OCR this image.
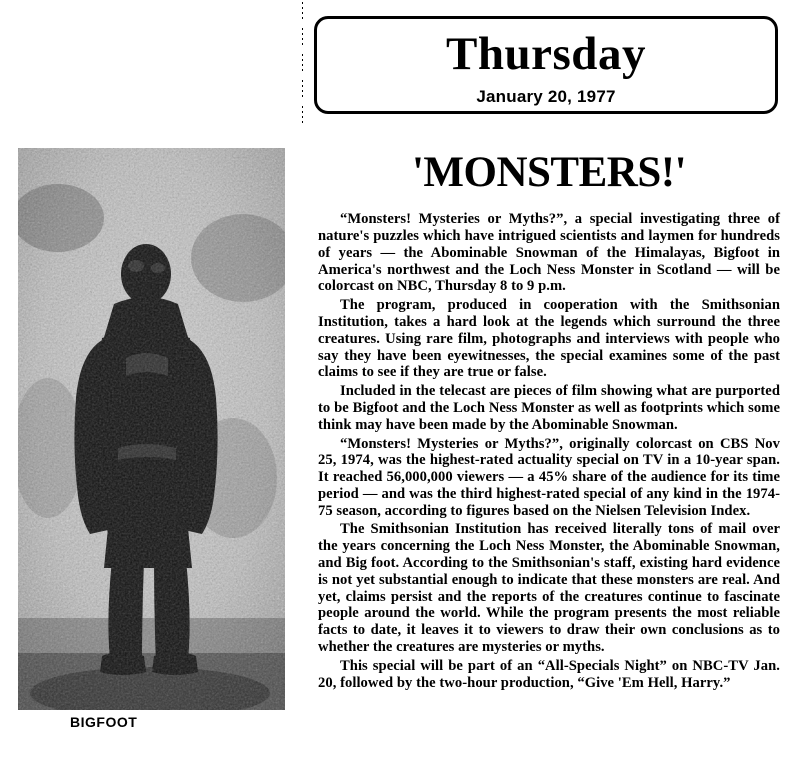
Thursday
January 20, 1977
BIGFOOT
'MONSTERS!'

“Monsters! Mysteries or Myths?”, a special investigating three of nature's puzzles which have intrigued scientists and laymen for hundreds of years — the Abominable Snowman of the Himalayas, Bigfoot in America's northwest and the Loch Ness Monster in Scotland — will be colorcast on NBC, Thursday 8 to 9 p.m.

The program, produced in cooperation with the Smithsonian Institution, takes a hard look at the legends which surround the three creatures. Using rare film, photographs and interviews with people who say they have been eyewitnesses, the special examines some of the past claims to see if they are true or false.

Included in the telecast are pieces of film showing what are purported to be Bigfoot and the Loch Ness Monster as well as footprints which some think may have been made by the Abominable Snowman.

“Monsters! Mysteries or Myths?”, originally colorcast on CBS Nov 25, 1974, was the highest-rated actuality special on TV in a 10-year span. It reached 56,000,000 viewers — a 45% share of the audience for its time period — and was the third highest-rated special of any kind in the 1974-75 season, according to figures based on the Nielsen Television Index.

The Smithsonian Institution has received literally tons of mail over the years concerning the Loch Ness Monster, the Abominable Snowman, and Big foot. According to the Smithsonian's staff, existing hard evidence is not yet substantial enough to indicate that these monsters are real. And yet, claims persist and the reports of the creatures continue to fascinate people around the world. While the program presents the most reliable facts to date, it leaves it to viewers to draw their own conclusions as to whether the creatures are mysteries or myths.

This special will be part of an “All-Specials Night” on NBC-TV Jan. 20, followed by the two-hour production, “Give 'Em Hell, Harry.”
